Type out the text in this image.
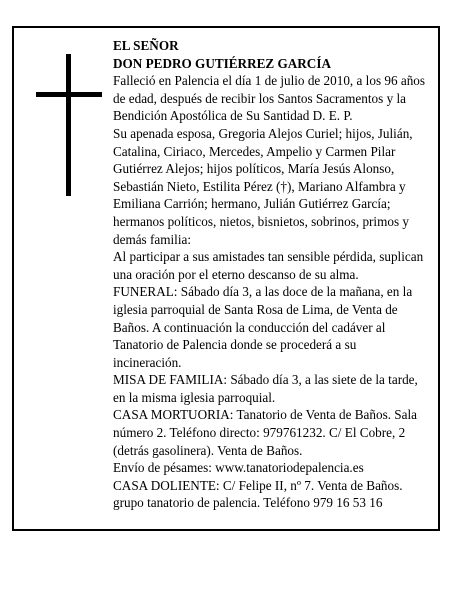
EL SEÑOR

DON PEDRO GUTIÉRREZ GARCÍA

Falleció en Palencia el día 1 de julio de 2010, a los 96 años de edad, después de recibir los Santos Sacramentos y la Bendición Apostólica de Su Santidad D. E. P.

Su apenada esposa, Gregoria Alejos Curiel; hijos, Julián, Catalina, Ciriaco, Mercedes, Ampelio y Carmen Pilar Gutiérrez Alejos; hijos políticos, María Jesús Alonso, Sebastián Nieto, Estilita Pérez (†), Mariano Alfambra y Emiliana Carrión; hermano, Julián Gutiérrez García; hermanos políticos, nietos, bisnietos, sobrinos, primos y demás familia:

Al participar a sus amistades tan sensible pérdida, suplican una oración por el eterno descanso de su alma.

FUNERAL: Sábado día 3, a las doce de la mañana, en la iglesia parroquial de Santa Rosa de Lima, de Venta de Baños. A continuación la conducción del cadáver al Tanatorio de Palencia donde se procederá a su incineración.

MISA DE FAMILIA: Sábado día 3, a las siete de la tarde, en la misma iglesia parroquial.

CASA MORTUORIA: Tanatorio de Venta de Baños. Sala número 2. Teléfono directo: 979761232. C/ El Cobre, 2 (detrás gasolinera). Venta de Baños.

Envío de pésames: www.tanatoriodepalencia.es

CASA DOLIENTE: C/ Felipe II, nº 7. Venta de Baños. grupo tanatorio de palencia. Teléfono 979 16 53 16
